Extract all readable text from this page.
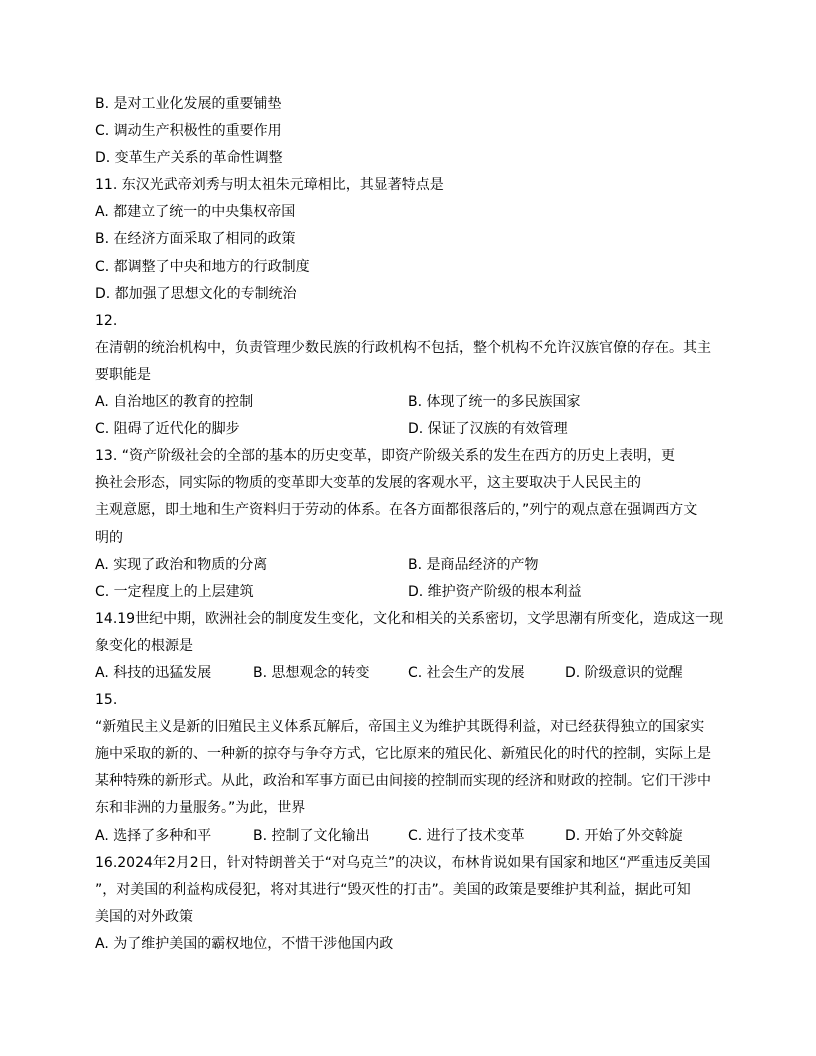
B. 是对工业化发展的重要铺垫
C. 调动生产积极性的重要作用
D. 变革生产关系的革命性调整
11. 东汉光武帝刘秀与明太祖朱元璋相比，其显著特点是
A. 都建立了统一的中央集权帝国
B. 在经济方面采取了相同的政策
C. 都调整了中央和地方的行政制度
D. 都加强了思想文化的专制统治
12.
在清朝的统治机构中，负责管理少数民族的行政机构不包括，整个机构不允许汉族官僚的存在。其主
要职能是
A. 自治地区的教育的控制	B. 体现了统一的多民族国家
C. 阻碍了近代化的脚步	D. 保证了汉族的有效管理
13. “资产阶级社会的全部的基本的历史变革，即资产阶级关系的发生在西方的历史上表明，更
换社会形态，同实际的物质的变革即大变革的发展的客观水平，这主要取决于人民民主的
主观意愿，即土地和生产资料归于劳动的体系。在各方面都很落后的，”列宁的观点意在强调西方文
明的
A. 实现了政治和物质的分离	B. 是商品经济的产物
C. 一定程度上的上层建筑	D. 维护资产阶级的根本利益
14.19世纪中期，欧洲社会的制度发生变化，文化和相关的关系密切，文学思潮有所变化，造成这一现
象变化的根源是
A. 科技的迅猛发展	B. 思想观念的转变	C. 社会生产的发展	D. 阶级意识的觉醒
15.
“新殖民主义是新的旧殖民主义体系瓦解后，帝国主义为维护其既得利益，对已经获得独立的国家实
施中采取的新的、一种新的掠夺与争夺方式，它比原来的殖民化、新殖民化的时代的控制，实际上是
某种特殊的新形式。从此，政治和军事方面已由间接的控制而实现的经济和财政的控制。它们干涉中
东和非洲的力量服务。”为此，世界
A. 选择了多种和平	B. 控制了文化输出	C. 进行了技术变革	D. 开始了外交斡旋
16.2024年2月2日，针对特朗普关于“对乌克兰”的决议，布林肯说如果有国家和地区“严重违反美国
”，对美国的利益构成侵犯，将对其进行“毁灭性的打击”。美国的政策是要维护其利益，据此可知
美国的对外政策
A. 为了维护美国的霸权地位，不惜干涉他国内政
